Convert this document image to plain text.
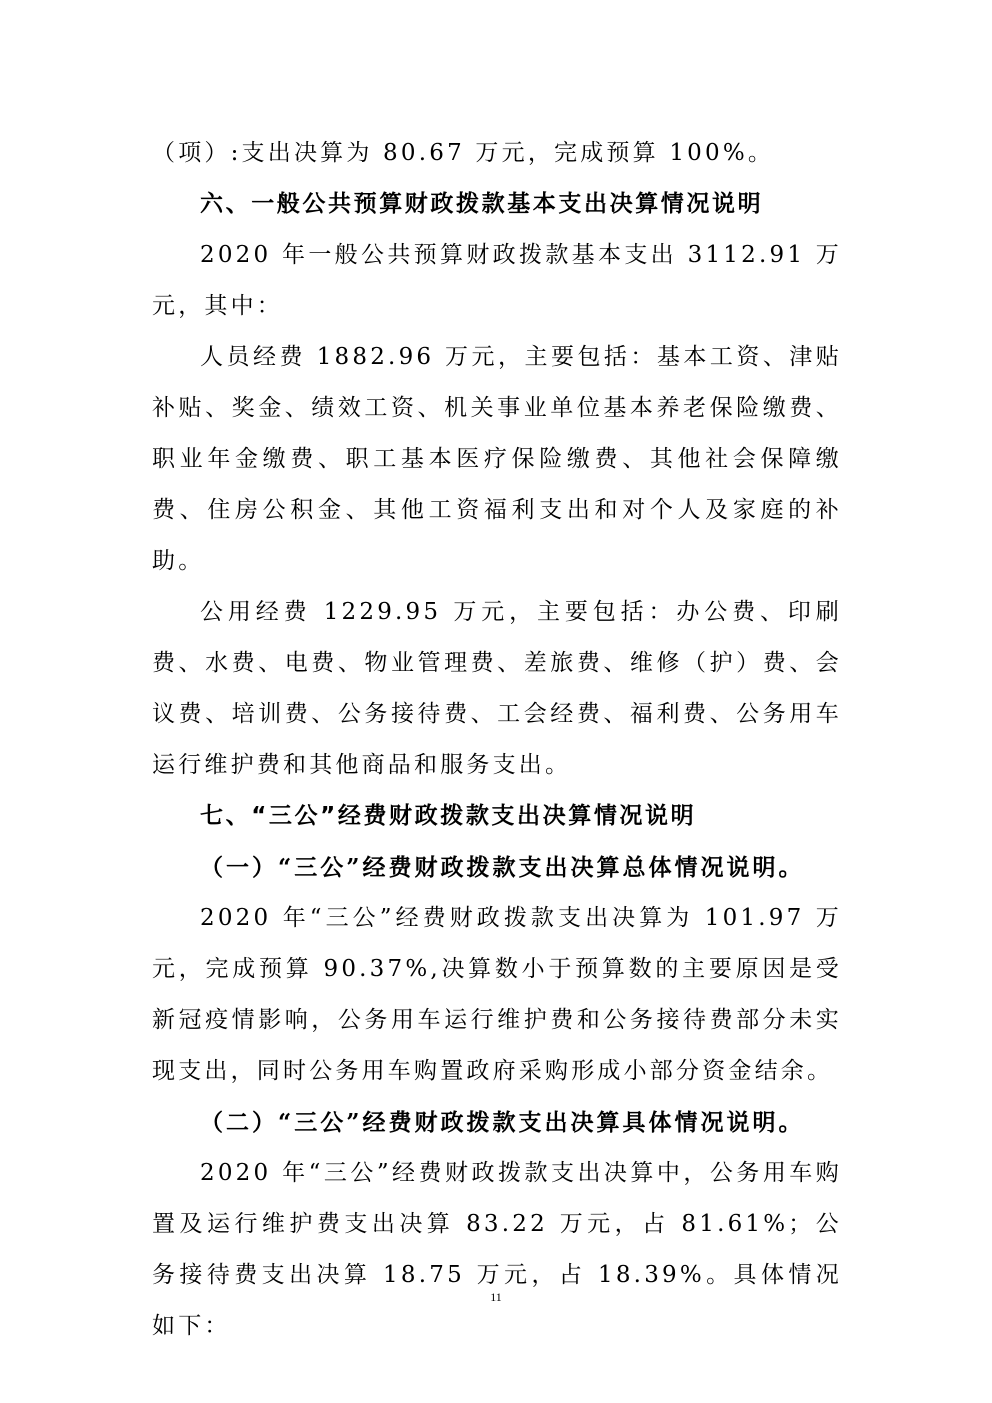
（项）:支出决算为 80.67 万元，完成预算 100%。

六、一般公共预算财政拨款基本支出决算情况说明

2020 年一般公共预算财政拨款基本支出 3112.91 万元，其中：

人员经费 1882.96 万元，主要包括：基本工资、津贴补贴、奖金、绩效工资、机关事业单位基本养老保险缴费、职业年金缴费、职工基本医疗保险缴费、其他社会保障缴费、住房公积金、其他工资福利支出和对个人及家庭的补助。

公用经费 1229.95 万元，主要包括：办公费、印刷费、水费、电费、物业管理费、差旅费、维修（护）费、会议费、培训费、公务接待费、工会经费、福利费、公务用车运行维护费和其他商品和服务支出。

七、“三公”经费财政拨款支出决算情况说明
（一）“三公”经费财政拨款支出决算总体情况说明。

2020 年“三公”经费财政拨款支出决算为 101.97 万元，完成预算 90.37%,决算数小于预算数的主要原因是受新冠疫情影响，公务用车运行维护费和公务接待费部分未实现支出，同时公务用车购置政府采购形成小部分资金结余。

（二）“三公”经费财政拨款支出决算具体情况说明。

2020 年“三公”经费财政拨款支出决算中，公务用车购置及运行维护费支出决算 83.22 万元，占 81.61%；公务接待费支出决算 18.75 万元，占 18.39%。具体情况如下：

11
